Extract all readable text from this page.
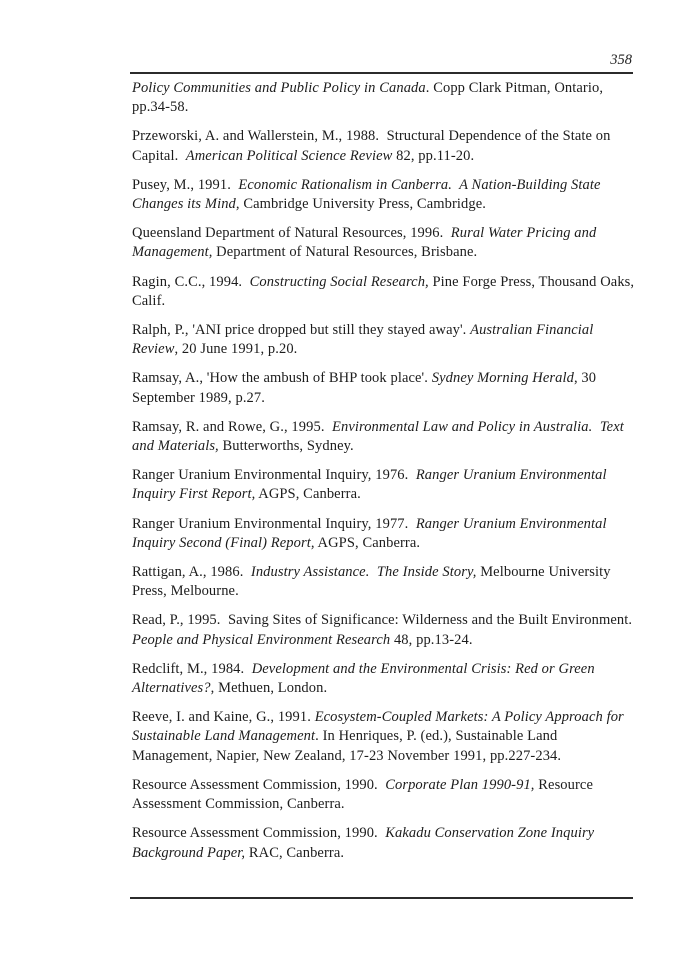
358

Policy Communities and Public Policy in Canada. Copp Clark Pitman, Ontario, pp.34-58.

Przeworski, A. and Wallerstein, M., 1988.  Structural Dependence of the State on Capital.  American Political Science Review 82, pp.11-20.

Pusey, M., 1991.  Economic Rationalism in Canberra.  A Nation-Building State Changes its Mind, Cambridge University Press, Cambridge.

Queensland Department of Natural Resources, 1996.  Rural Water Pricing and Management, Department of Natural Resources, Brisbane.

Ragin, C.C., 1994.  Constructing Social Research, Pine Forge Press, Thousand Oaks, Calif.

Ralph, P., 'ANI price dropped but still they stayed away'. Australian Financial Review, 20 June 1991, p.20.

Ramsay, A., 'How the ambush of BHP took place'. Sydney Morning Herald, 30 September 1989, p.27.

Ramsay, R. and Rowe, G., 1995.  Environmental Law and Policy in Australia.  Text and Materials, Butterworths, Sydney.

Ranger Uranium Environmental Inquiry, 1976.  Ranger Uranium Environmental Inquiry First Report, AGPS, Canberra.

Ranger Uranium Environmental Inquiry, 1977.  Ranger Uranium Environmental Inquiry Second (Final) Report, AGPS, Canberra.

Rattigan, A., 1986.  Industry Assistance.  The Inside Story, Melbourne University Press, Melbourne.

Read, P., 1995.  Saving Sites of Significance: Wilderness and the Built Environment. People and Physical Environment Research 48, pp.13-24.

Redclift, M., 1984.  Development and the Environmental Crisis: Red or Green Alternatives?, Methuen, London.

Reeve, I. and Kaine, G., 1991. Ecosystem-Coupled Markets: A Policy Approach for Sustainable Land Management. In Henriques, P. (ed.), Sustainable Land Management, Napier, New Zealand, 17-23 November 1991, pp.227-234.

Resource Assessment Commission, 1990.  Corporate Plan 1990-91, Resource Assessment Commission, Canberra.

Resource Assessment Commission, 1990.  Kakadu Conservation Zone Inquiry Background Paper, RAC, Canberra.
